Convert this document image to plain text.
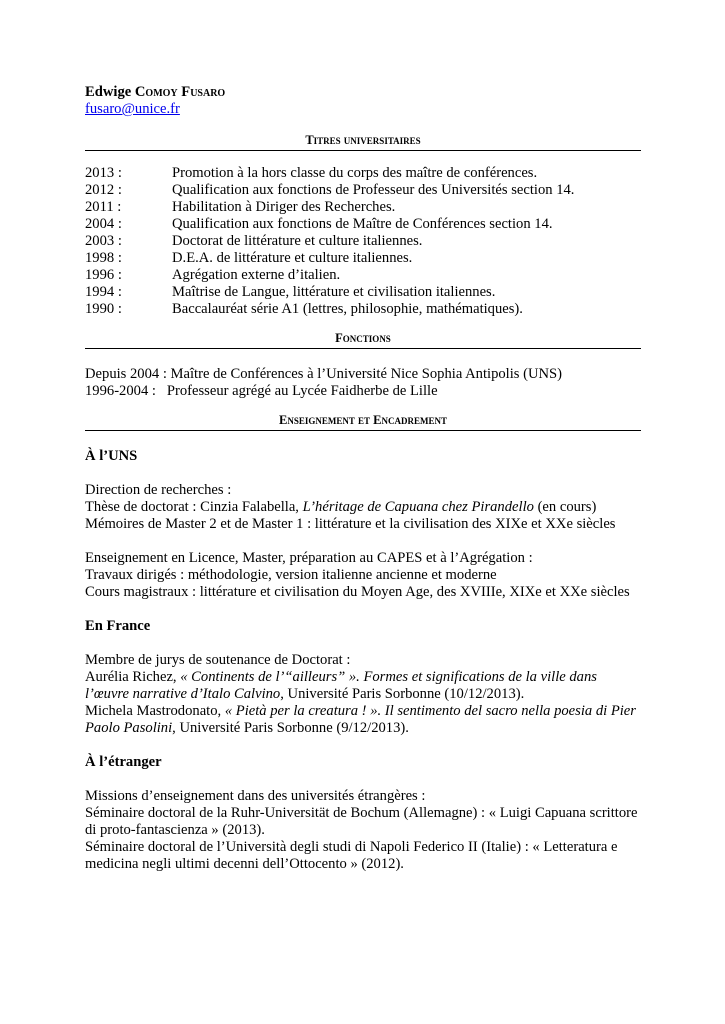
Edwige Comoy Fusaro
fusaro@unice.fr
Titres universitaires
2013 :	Promotion à la hors classe du corps des maître de conférences.
2012 :	Qualification aux fonctions de Professeur des Universités section 14.
2011 :	Habilitation à Diriger des Recherches.
2004 :	Qualification aux fonctions de Maître de Conférences section 14.
2003 :	Doctorat de littérature et culture italiennes.
1998 :	D.E.A. de littérature et culture italiennes.
1996 :	Agrégation externe d’italien.
1994 :	Maîtrise de Langue, littérature et civilisation italiennes.
1990 :	Baccalauréat série A1 (lettres, philosophie, mathématiques).
Fonctions
Depuis 2004 : Maître de Conférences à l’Université Nice Sophia Antipolis (UNS)
1996-2004 :   Professeur agrégé au Lycée Faidherbe de Lille
Enseignement et Encadrement
À l’UNS
Direction de recherches :
Thèse de doctorat : Cinzia Falabella, L’héritage de Capuana chez Pirandello (en cours)
Mémoires de Master 2 et de Master 1 : littérature et la civilisation des XIXe et XXe siècles
Enseignement en Licence, Master, préparation au CAPES et à l’Agrégation :
Travaux dirigés : méthodologie, version italienne ancienne et moderne
Cours magistraux : littérature et civilisation du Moyen Age, des XVIIIe, XIXe et XXe siècles
En France
Membre de jurys de soutenance de Doctorat :
Aurélia Richez, « Continents de l’“ailleurs” ». Formes et significations de la ville dans l’œuvre narrative d’Italo Calvino, Université Paris Sorbonne (10/12/2013).
Michela Mastrodonato, « Pietà per la creatura ! ». Il sentimento del sacro nella poesia di Pier Paolo Pasolini, Université Paris Sorbonne (9/12/2013).
À l’étranger
Missions d’enseignement dans des universités étrangères :
Séminaire doctoral de la Ruhr-Universität de Bochum (Allemagne) : « Luigi Capuana scrittore di proto-fantascienza » (2013).
Séminaire doctoral de l’Università degli studi di Napoli Federico II (Italie) : « Letteratura e medicina negli ultimi decenni dell’Ottocento » (2012).
